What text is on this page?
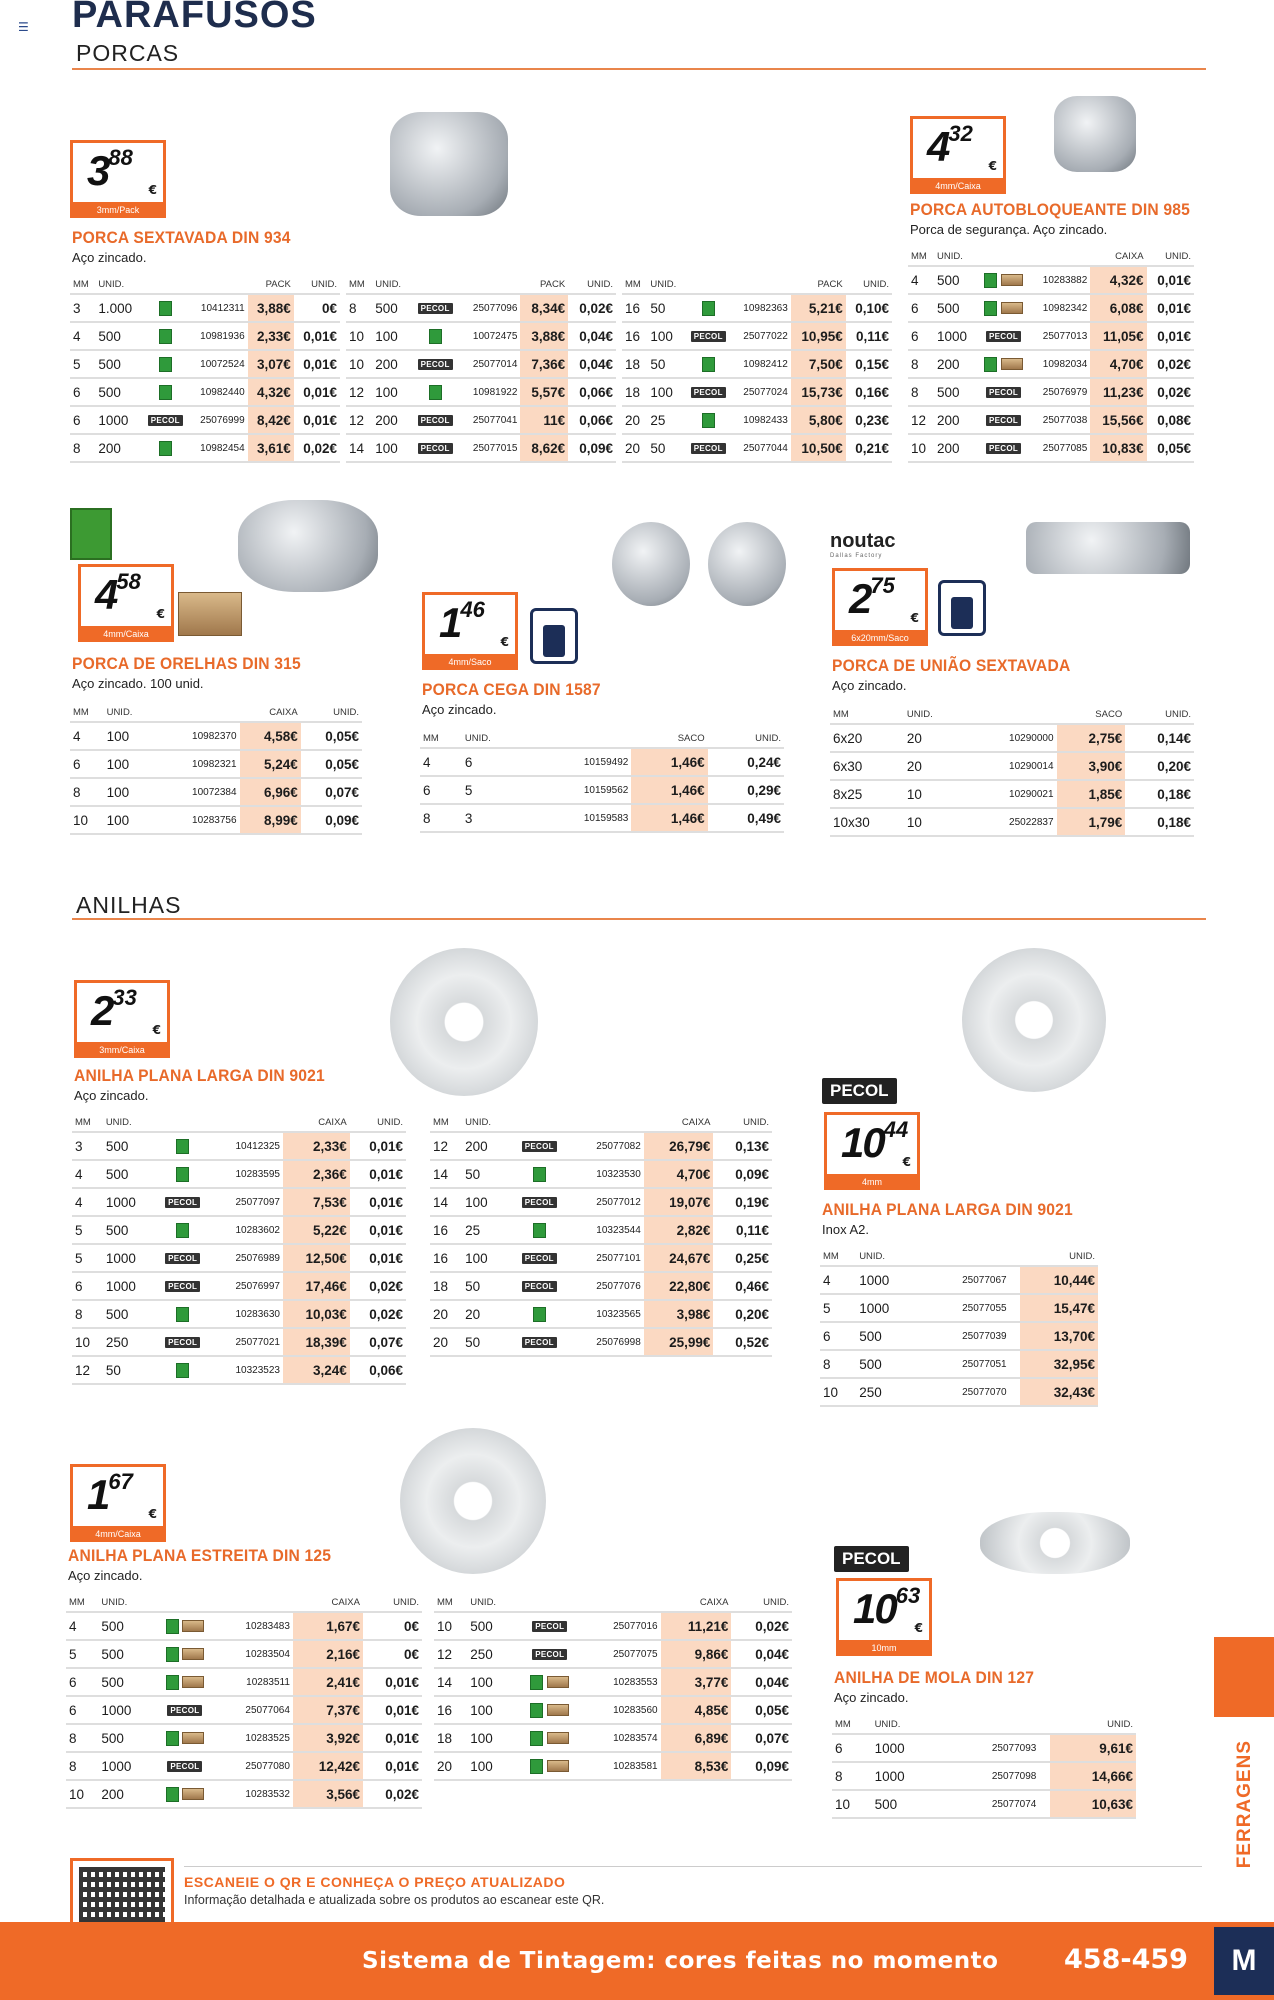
☰ PARAFUSOS
PORCAS
$3^{88}$
€
3mm/Pack
PORCA SEXTAVADA DIN 934
Aço zincado.
MM	UNID.			PACK	UNID.
3	1.000		10412311	3,88€	0€
4	500		10981936	2,33€	0,01€
5	500		10072524	3,07€	0,01€
6	500		10982440	4,32€	0,01€
6	1000	PECOL	25076999	8,42€	0,01€
8	200		10982454	3,61€	0,02€
MM	UNID.			PACK	UNID.
8	500	PECOL	25077096	8,34€	0,02€
10	100		10072475	3,88€	0,04€
10	200	PECOL	25077014	7,36€	0,04€
12	100		10981922	5,57€	0,06€
12	200	PECOL	25077041	11€	0,06€
14	100	PECOL	25077015	8,62€	0,09€
MM	UNID.			PACK	UNID.
16	50		10982363	5,21€	0,10€
16	100	PECOL	25077022	10,95€	0,11€
18	50		10982412	7,50€	0,15€
18	100	PECOL	25077024	15,73€	0,16€
20	25		10982433	5,80€	0,23€
20	50	PECOL	25077044	10,50€	0,21€
$4^{32}$
€
4mm/Caixa
PORCA AUTOBLOQUEANTE DIN 985
Porca de segurança. Aço zincado.
MM	UNID.			CAIXA	UNID.
4	500		10283882	4,32€	0,01€
6	500		10982342	6,08€	0,01€
6	1000	PECOL	25077013	11,05€	0,01€
8	200		10982034	4,70€	0,02€
8	500	PECOL	25076979	11,23€	0,02€
12	200	PECOL	25077038	15,56€	0,08€
10	200	PECOL	25077085	10,83€	0,05€
$4^{58}$
€
4mm/Caixa
PORCA DE ORELHAS DIN 315
Aço zincado. 100 unid.
MM	UNID.			CAIXA	UNID.
4	100		10982370	4,58€	0,05€
6	100		10982321	5,24€	0,05€
8	100		10072384	6,96€	0,07€
10	100		10283756	8,99€	0,09€
$1^{46}$
€
4mm/Saco
PORCA CEGA DIN 1587
Aço zincado.
MM	UNID.			SACO	UNID.
4	6		10159492	1,46€	0,24€
6	5		10159562	1,46€	0,29€
8	3		10159583	1,46€	0,49€
noutac
Dallas Factory
$2^{75}$
€
6x20mm/Saco
PORCA DE UNIÃO SEXTAVADA
Aço zincado.
MM	UNID.			SACO	UNID.
6x20	20		10290000	2,75€	0,14€
6x30	20		10290014	3,90€	0,20€
8x25	10		10290021	1,85€	0,18€
10x30	10		25022837	1,79€	0,18€
ANILHAS
$2^{33}$
€
3mm/Caixa
ANILHA PLANA LARGA DIN 9021
Aço zincado.
MM	UNID.			CAIXA	UNID.
3	500		10412325	2,33€	0,01€
4	500		10283595	2,36€	0,01€
4	1000	PECOL	25077097	7,53€	0,01€
5	500		10283602	5,22€	0,01€
5	1000	PECOL	25076989	12,50€	0,01€
6	1000	PECOL	25076997	17,46€	0,02€
8	500		10283630	10,03€	0,02€
10	250	PECOL	25077021	18,39€	0,07€
12	50		10323523	3,24€	0,06€
MM	UNID.			CAIXA	UNID.
12	200	PECOL	25077082	26,79€	0,13€
14	50		10323530	4,70€	0,09€
14	100	PECOL	25077012	19,07€	0,19€
16	25		10323544	2,82€	0,11€
16	100	PECOL	25077101	24,67€	0,25€
18	50	PECOL	25077076	22,80€	0,46€
20	20		10323565	3,98€	0,20€
20	50	PECOL	25076998	25,99€	0,52€
PECOL
$10^{44}$
€
4mm
ANILHA PLANA LARGA DIN 9021
Inox A2.
MM	UNID.				UNID.
4	1000		25077067		10,44€
5	1000		25077055		15,47€
6	500		25077039		13,70€
8	500		25077051		32,95€
10	250		25077070		32,43€
$1^{67}$
€
4mm/Caixa
ANILHA PLANA ESTREITA DIN 125
Aço zincado.
MM	UNID.			CAIXA	UNID.
4	500		10283483	1,67€	0€
5	500		10283504	2,16€	0€
6	500		10283511	2,41€	0,01€
6	1000	PECOL	25077064	7,37€	0,01€
8	500		10283525	3,92€	0,01€
8	1000	PECOL	25077080	12,42€	0,01€
10	200		10283532	3,56€	0,02€
MM	UNID.			CAIXA	UNID.
10	500	PECOL	25077016	11,21€	0,02€
12	250	PECOL	25077075	9,86€	0,04€
14	100		10283553	3,77€	0,04€
16	100		10283560	4,85€	0,05€
18	100		10283574	6,89€	0,07€
20	100		10283581	8,53€	0,09€
PECOL
$10^{63}$
€
10mm
ANILHA DE MOLA DIN 127
Aço zincado.
MM	UNID.				UNID.
6	1000		25077093		9,61€
8	1000		25077098		14,66€
10	500		25077074		10,63€	FERRAGENS
ESCANEIE O QR E CONHEÇA O PREÇO ATUALIZADO
Informação detalhada e atualizada sobre os produtos ao escanear este QR.
Sistema de Tintagem: cores feitas no momento 458-459	M
